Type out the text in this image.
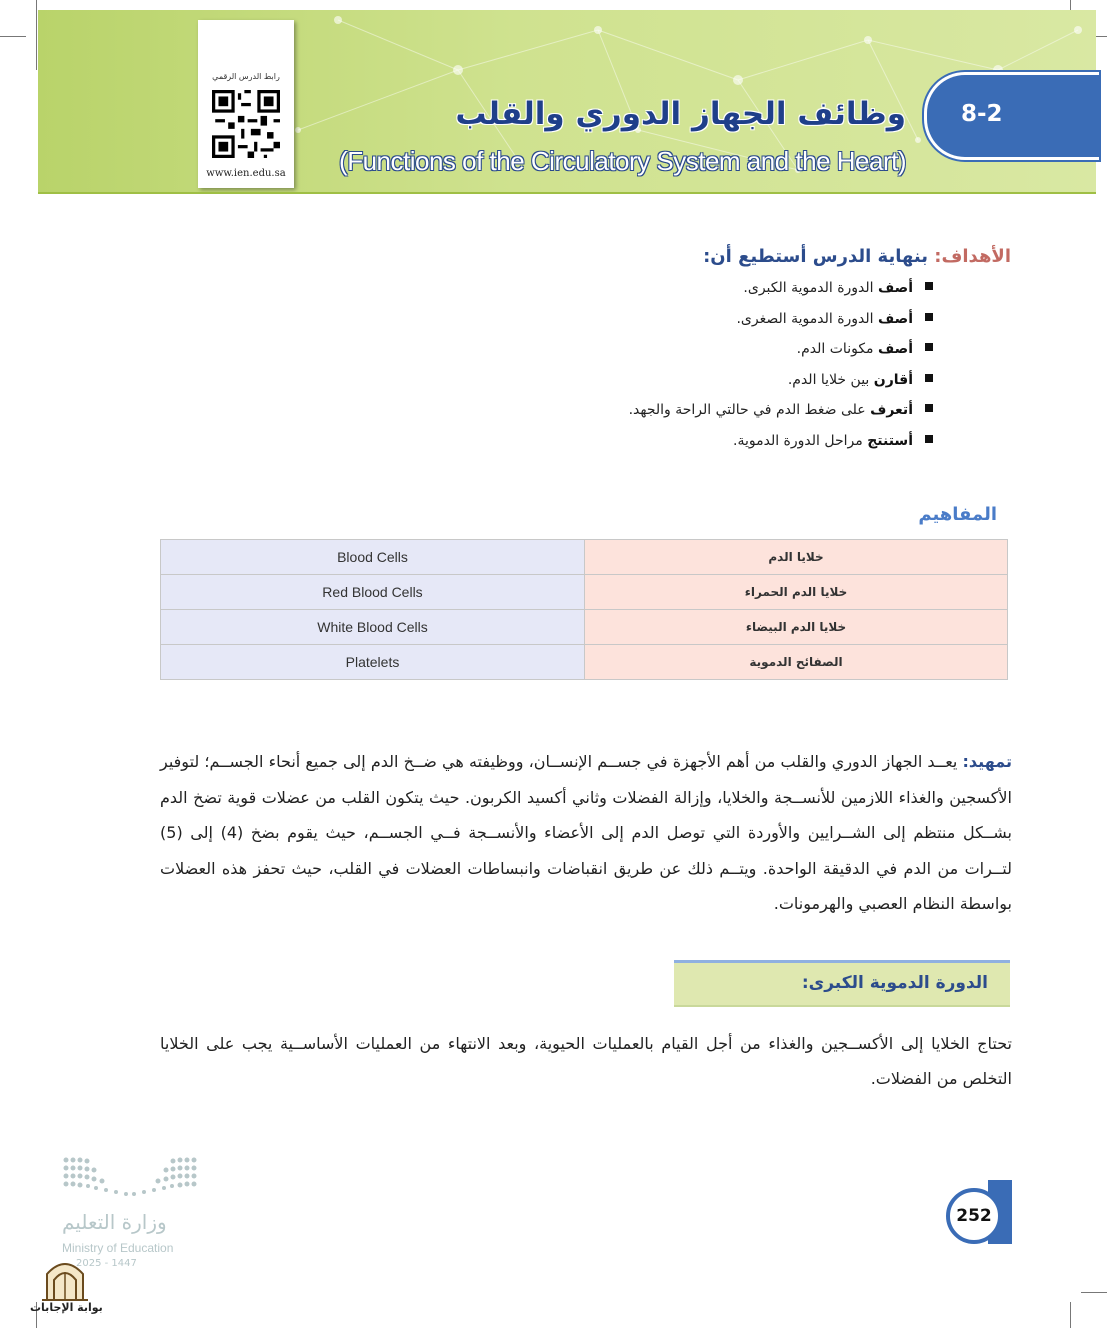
رابط الدرس الرقمي
www.ien.edu.sa
وظائف الجهاز الدوري والقلب
(Functions of the Circulatory System and the Heart)
8-2
الأهداف: بنهاية الدرس أستطيع أن:
أصف الدورة الدموية الكبرى.
أصف الدورة الدموية الصغرى.
أصف مكونات الدم.
أقارن بين خلايا الدم.
أتعرف على ضغط الدم في حالتي الراحة والجهد.
أستنتج مراحل الدورة الدموية.
المفاهيم
Blood Cells	خلايا الدم
Red Blood Cells	خلايا الدم الحمراء
White Blood Cells	خلايا الدم البيضاء
Platelets	الصفائح الدموية
تمهيد: يعــد الجهاز الدوري والقلب من أهم الأجهزة في جســم الإنســان، ووظيفته هي ضــخ الدم إلى جميع أنحاء الجســم؛ لتوفير الأكسجين والغذاء اللازمين للأنســجة والخلايا، وإزالة الفضلات وثاني أكسيد الكربون. حيث يتكون القلب من عضلات قوية تضخ الدم بشــكل منتظم إلى الشــرايين والأوردة التي توصل الدم إلى الأعضاء والأنســجة فــي الجســم، حيث يقوم بضخ (4) إلى (5) لتــرات من الدم في الدقيقة الواحدة. ويتــم ذلك عن طريق انقباضات وانبساطات العضلات في القلب، حيث تحفز هذه العضلات بواسطة النظام العصبي والهرمونات.
الدورة الدموية الكبرى:
تحتاج الخلايا إلى الأكســجين والغذاء من أجل القيام بالعمليات الحيوية، وبعد الانتهاء من العمليات الأساســية يجب على الخلايا التخلص من الفضلات.
252
وزارة التعليم
Ministry of Education
2025 - 1447
بوابة الإجابات
